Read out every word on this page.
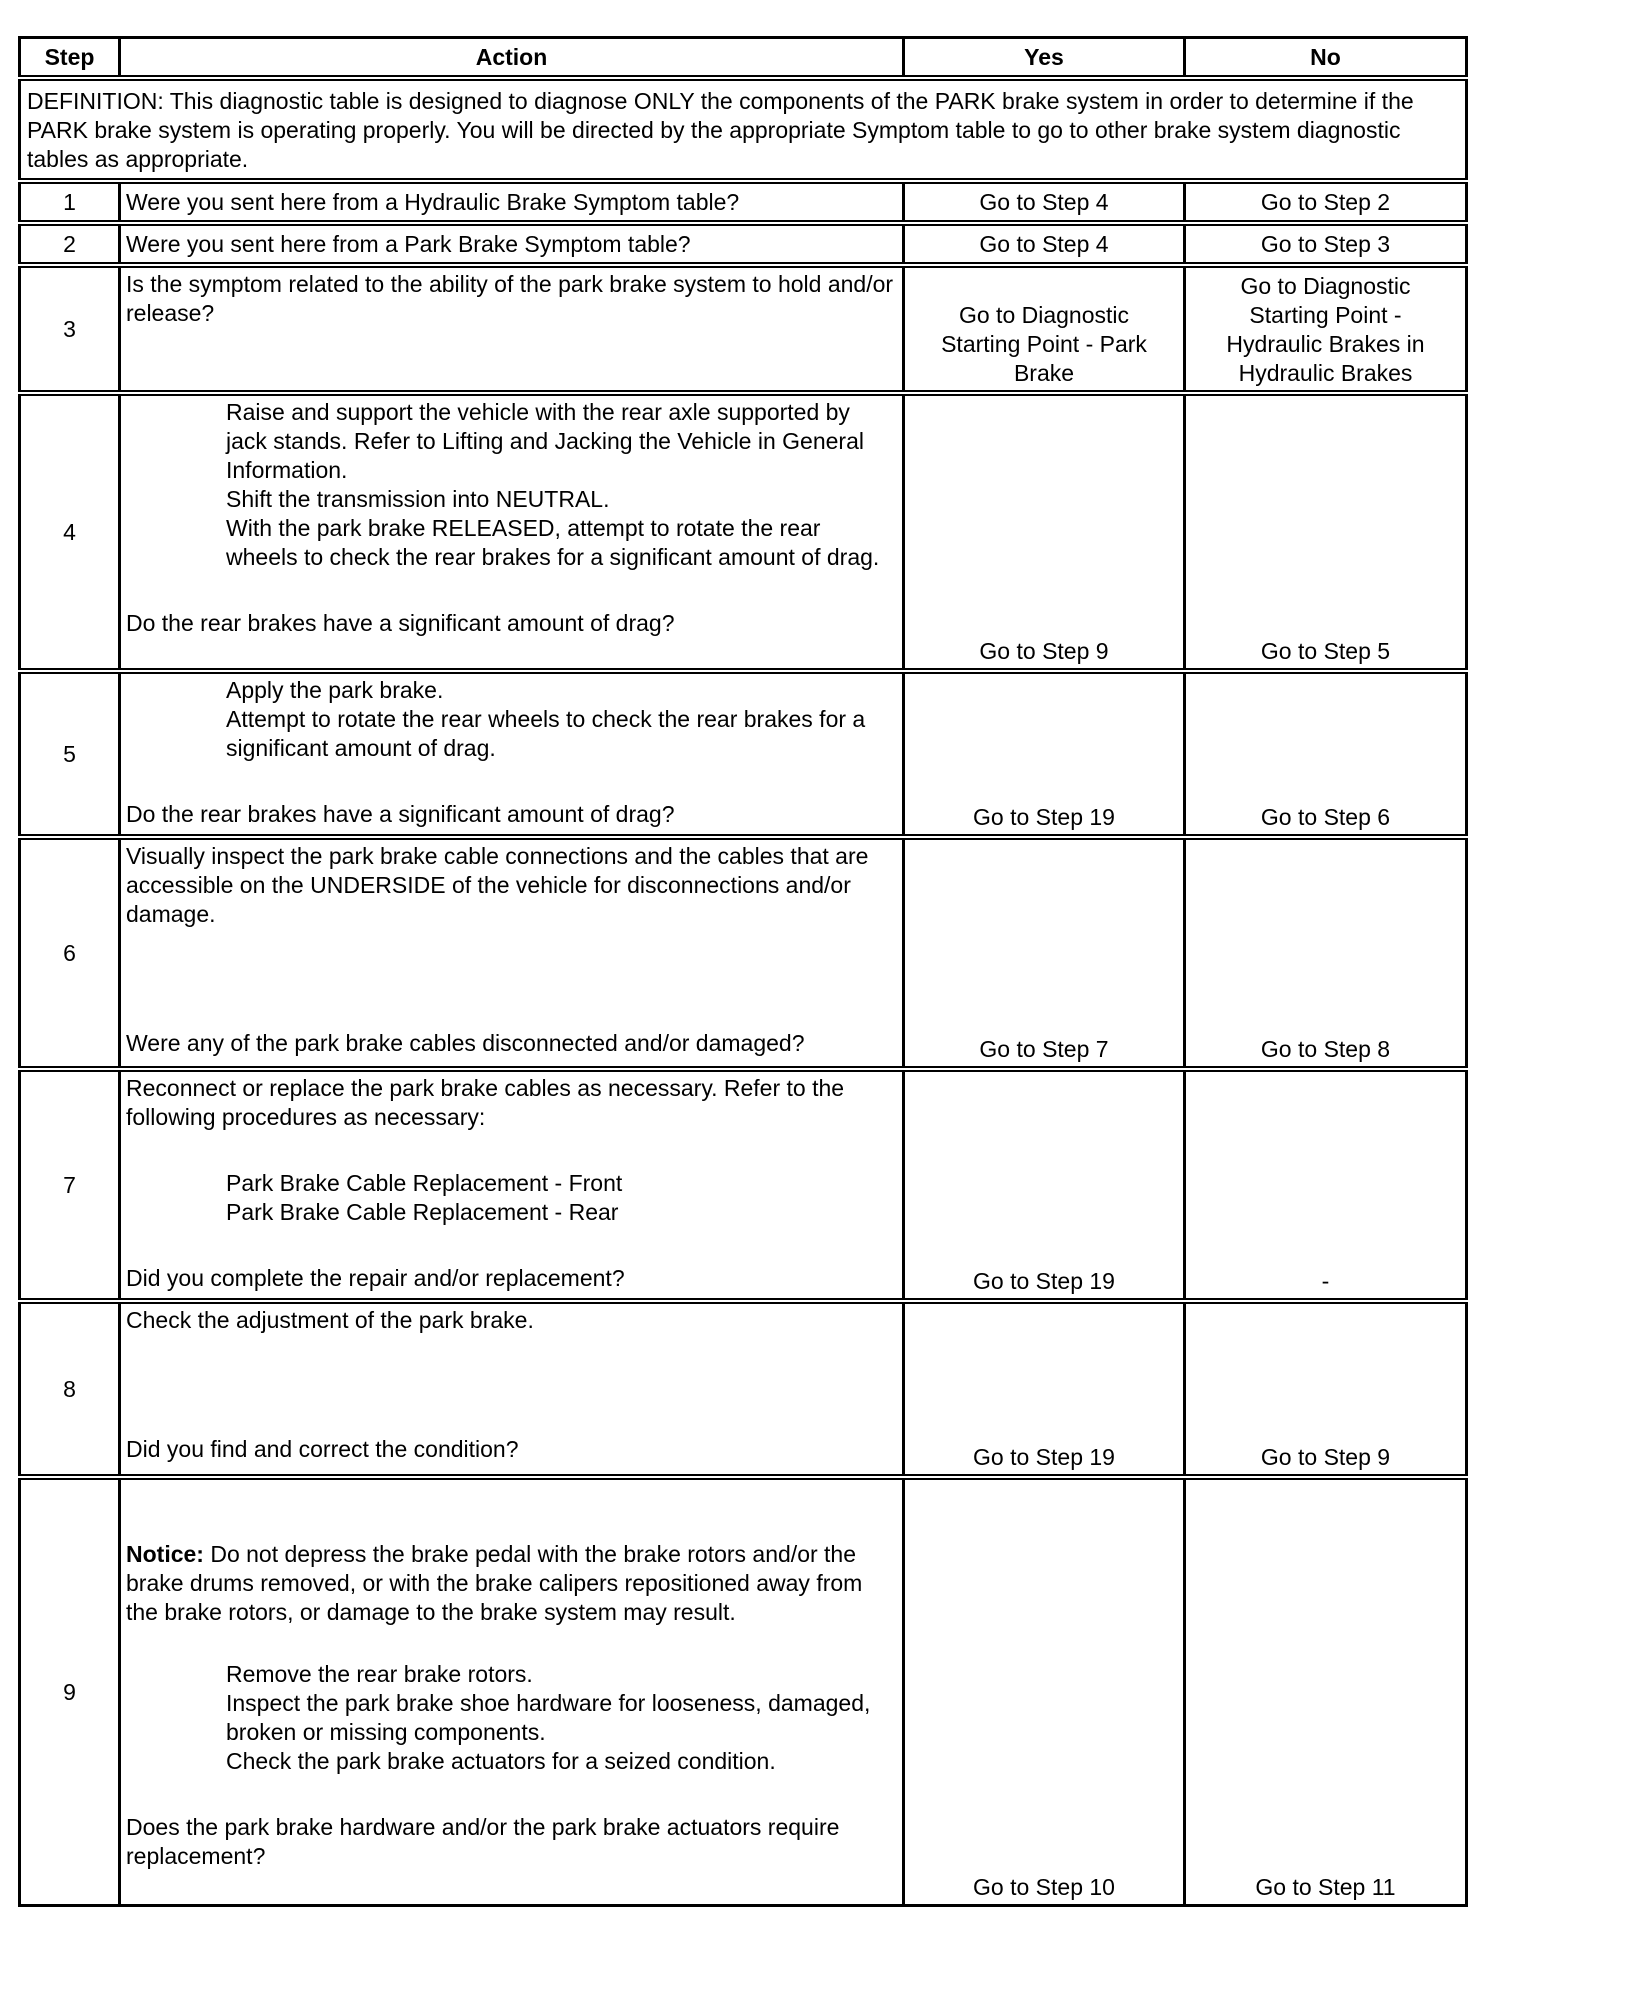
Step	Action	Yes	No
DEFINITION: This diagnostic table is designed to diagnose ONLY the components of the PARK brake system in order to determine if the PARK brake system is operating properly. You will be directed by the appropriate Symptom table to go to other brake system diagnostic tables as appropriate.			
1	Were you sent here from a Hydraulic Brake Symptom table?	Go to Step 4	Go to Step 2
2	Were you sent here from a Park Brake Symptom table?	Go to Step 4	Go to Step 3
3	Is the symptom related to the ability of the park brake system to hold and/or release?	Go to Diagnostic Starting Point - Park Brake	Go to Diagnostic Starting Point - Hydraulic Brakes in Hydraulic Brakes
4	Raise and support the vehicle with the rear axle supported by jack stands. Refer to Lifting and Jacking the Vehicle in General Information.
Shift the transmission into NEUTRAL.
With the park brake RELEASED, attempt to rotate the rear wheels to check the rear brakes for a significant amount of drag.
Do the rear brakes have a significant amount of drag?	Go to Step 9	Go to Step 5
5	Apply the park brake.
Attempt to rotate the rear wheels to check the rear brakes for a significant amount of drag.
Do the rear brakes have a significant amount of drag?	Go to Step 19	Go to Step 6
6	Visually inspect the park brake cable connections and the cables that are accessible on the UNDERSIDE of the vehicle for disconnections and/or damage.
Were any of the park brake cables disconnected and/or damaged?	Go to Step 7	Go to Step 8
7	Reconnect or replace the park brake cables as necessary. Refer to the following procedures as necessary:
Park Brake Cable Replacement - Front
Park Brake Cable Replacement - Rear
Did you complete the repair and/or replacement?	Go to Step 19	-
8	Check the adjustment of the park brake.
Did you find and correct the condition?	Go to Step 19	Go to Step 9
9	Notice: Do not depress the brake pedal with the brake rotors and/or the brake drums removed, or with the brake calipers repositioned away from the brake rotors, or damage to the brake system may result.
Remove the rear brake rotors.
Inspect the park brake shoe hardware for looseness, damaged, broken or missing components.
Check the park brake actuators for a seized condition.
Does the park brake hardware and/or the park brake actuators require replacement?	Go to Step 10	Go to Step 11
